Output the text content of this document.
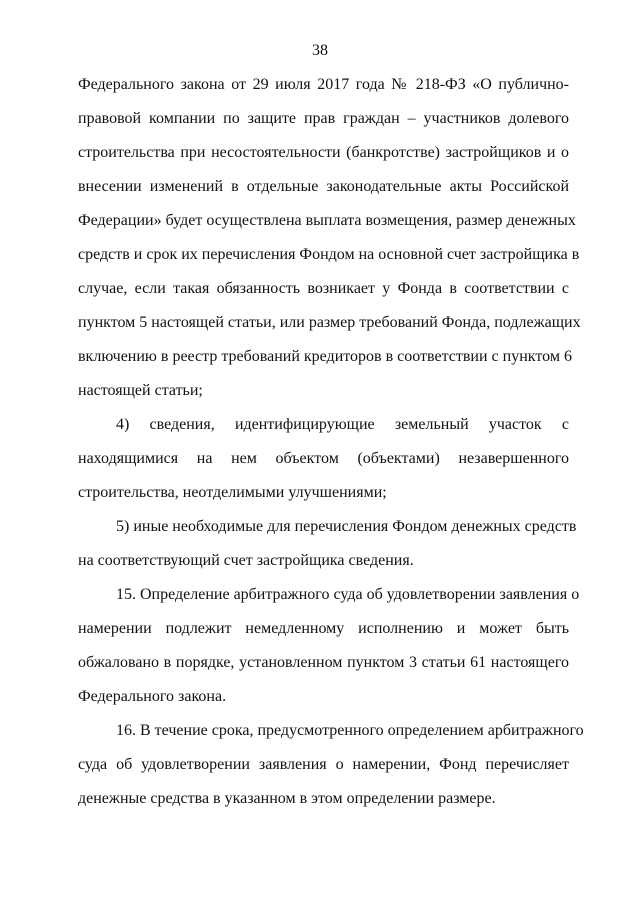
38
Федерального закона от 29 июля 2017 года № 218-ФЗ «О публично-
правовой компании по защите прав граждан – участников долевого
строительства при несостоятельности (банкротстве) застройщиков и о
внесении изменений в отдельные законодательные акты Российской
Федерации» будет осуществлена выплата возмещения, размер денежных
средств и срок их перечисления Фондом на основной счет застройщика в
случае, если такая обязанность возникает у Фонда в соответствии с
пунктом 5 настоящей статьи, или размер требований Фонда, подлежащих
включению в реестр требований кредиторов в соответствии с пунктом 6
настоящей статьи;
4) сведения, идентифицирующие земельный участок с
находящимися на нем объектом (объектами) незавершенного
строительства, неотделимыми улучшениями;
5) иные необходимые для перечисления Фондом денежных средств
на соответствующий счет застройщика сведения.
15. Определение арбитражного суда об удовлетворении заявления о
намерении подлежит немедленному исполнению и может быть
обжаловано в порядке, установленном пунктом 3 статьи 61 настоящего
Федерального закона.
16. В течение срока, предусмотренного определением арбитражного
суда об удовлетворении заявления о намерении, Фонд перечисляет
денежные средства в указанном в этом определении размере.
